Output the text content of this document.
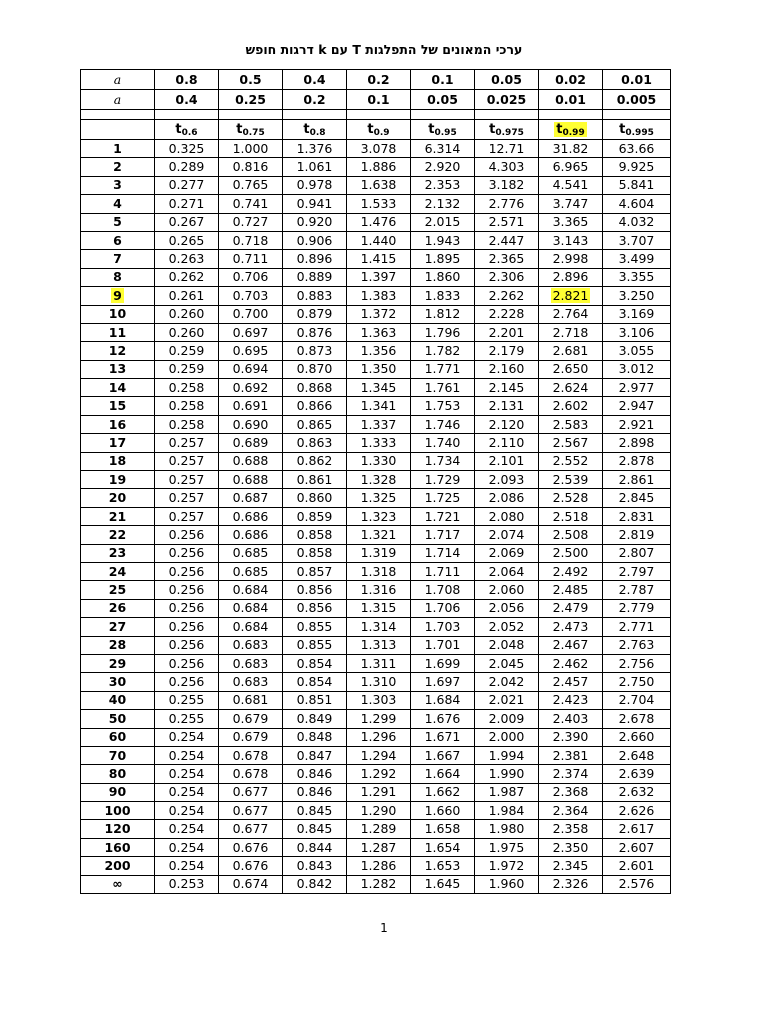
ערכי המאונים של התפלגות T עם k דרגות חופש
a	0.8	0.5	0.4	0.2	0.1	0.05	0.02	0.01
a	0.4	0.25	0.2	0.1	0.05	0.025	0.01	0.005

	$t_{0.6}$	$t_{0.75}$	$t_{0.8}$	$t_{0.9}$	$t_{0.95}$	$t_{0.975}$	$t_{0.99}$	$t_{0.995}$
1	0.325	1.000	1.376	3.078	6.314	12.71	31.82	63.66
2	0.289	0.816	1.061	1.886	2.920	4.303	6.965	9.925
3	0.277	0.765	0.978	1.638	2.353	3.182	4.541	5.841
4	0.271	0.741	0.941	1.533	2.132	2.776	3.747	4.604
5	0.267	0.727	0.920	1.476	2.015	2.571	3.365	4.032
6	0.265	0.718	0.906	1.440	1.943	2.447	3.143	3.707
7	0.263	0.711	0.896	1.415	1.895	2.365	2.998	3.499
8	0.262	0.706	0.889	1.397	1.860	2.306	2.896	3.355
9	0.261	0.703	0.883	1.383	1.833	2.262	2.821	3.250
10	0.260	0.700	0.879	1.372	1.812	2.228	2.764	3.169
11	0.260	0.697	0.876	1.363	1.796	2.201	2.718	3.106
12	0.259	0.695	0.873	1.356	1.782	2.179	2.681	3.055
13	0.259	0.694	0.870	1.350	1.771	2.160	2.650	3.012
14	0.258	0.692	0.868	1.345	1.761	2.145	2.624	2.977
15	0.258	0.691	0.866	1.341	1.753	2.131	2.602	2.947
16	0.258	0.690	0.865	1.337	1.746	2.120	2.583	2.921
17	0.257	0.689	0.863	1.333	1.740	2.110	2.567	2.898
18	0.257	0.688	0.862	1.330	1.734	2.101	2.552	2.878
19	0.257	0.688	0.861	1.328	1.729	2.093	2.539	2.861
20	0.257	0.687	0.860	1.325	1.725	2.086	2.528	2.845
21	0.257	0.686	0.859	1.323	1.721	2.080	2.518	2.831
22	0.256	0.686	0.858	1.321	1.717	2.074	2.508	2.819
23	0.256	0.685	0.858	1.319	1.714	2.069	2.500	2.807
24	0.256	0.685	0.857	1.318	1.711	2.064	2.492	2.797
25	0.256	0.684	0.856	1.316	1.708	2.060	2.485	2.787
26	0.256	0.684	0.856	1.315	1.706	2.056	2.479	2.779
27	0.256	0.684	0.855	1.314	1.703	2.052	2.473	2.771
28	0.256	0.683	0.855	1.313	1.701	2.048	2.467	2.763
29	0.256	0.683	0.854	1.311	1.699	2.045	2.462	2.756
30	0.256	0.683	0.854	1.310	1.697	2.042	2.457	2.750
40	0.255	0.681	0.851	1.303	1.684	2.021	2.423	2.704
50	0.255	0.679	0.849	1.299	1.676	2.009	2.403	2.678
60	0.254	0.679	0.848	1.296	1.671	2.000	2.390	2.660
70	0.254	0.678	0.847	1.294	1.667	1.994	2.381	2.648
80	0.254	0.678	0.846	1.292	1.664	1.990	2.374	2.639
90	0.254	0.677	0.846	1.291	1.662	1.987	2.368	2.632
100	0.254	0.677	0.845	1.290	1.660	1.984	2.364	2.626
120	0.254	0.677	0.845	1.289	1.658	1.980	2.358	2.617
160	0.254	0.676	0.844	1.287	1.654	1.975	2.350	2.607
200	0.254	0.676	0.843	1.286	1.653	1.972	2.345	2.601
∞	0.253	0.674	0.842	1.282	1.645	1.960	2.326	2.576
1
